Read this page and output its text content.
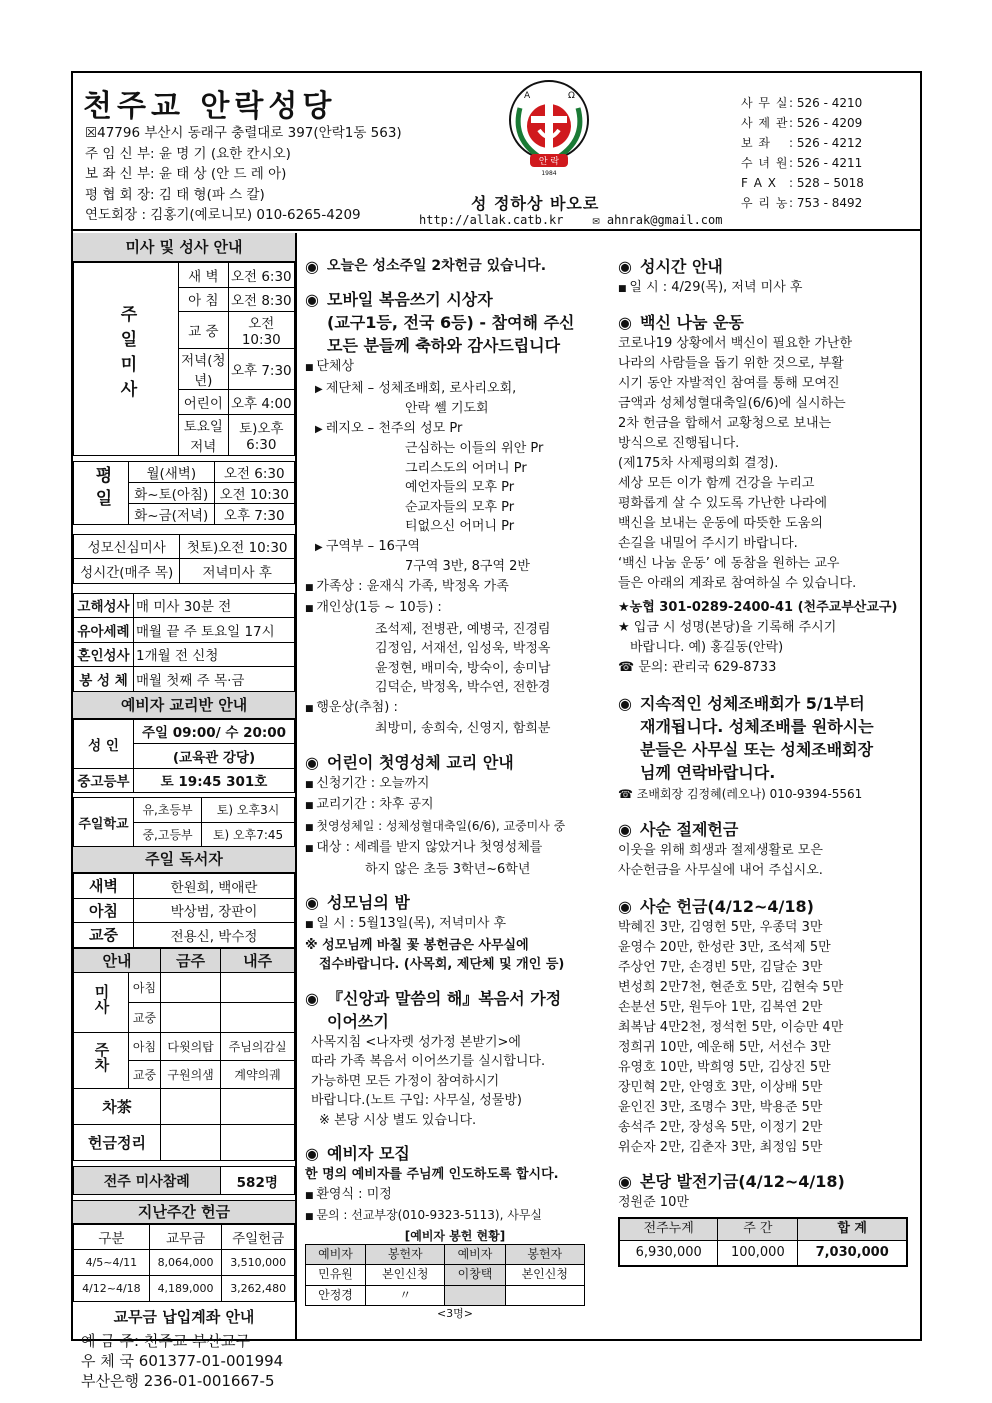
천주교 안락성당
☒47796 부산시 동래구 충렬대로 397(안락1동 563)
주 임 신 부: 윤 명 기 (요한 칸시오)
보 좌 신 부: 윤 태 상 (안 드 레 아)
평 협 회 장: 김 태 형(파 스 칼)
연도회장 : 김홍기(예로니모) 010-6265-4209
A	Ω
안 락
1984
성 정하상 바오로
http://allak.catb.kr ✉ ahnrak@gmail.com
사 무 실 : 526 - 4210
사 제 관 : 526 - 4209
보 좌	: 526 - 4212
수 녀 원 : 526 - 4211
F A X	: 528 – 5018
우 리 농 : 753 - 8492
미사 및 성사 안내
주일미사	새 벽	오전 6:30
	아 침	오전 8:30
	교 중	오전 10:30
	저녁(청년)	오후 7:30
	어린이	오후 4:00
	토요일저녁	토)오후 6:30
평일	월(새벽)	오전 6:30
	화~토(아침)	오전 10:30
	화~금(저녁)	오후 7:30
성모신심미사	첫토)오전 10:30
성시간(매주 목)	저녁미사 후
고해성사	매 미사 30분 전
유아세례	매월 끝 주 토요일 17시
혼인성사	1개월 전 신청
봉 성 체	매월 첫째 주 목·금
예비자 교리반 안내
성 인	주일 09:00/ 수 20:00
	(교육관 강당)
중고등부	토 19:45 301호
주일학교	유,초등부	토) 오후3시
	중,고등부	토) 오후7:45
주일 독서자
새벽	한원희, 백애란
아침	박상범, 장판이
교중	전용신, 박수정
안내		금주	내주
미사	아침		
	교중		
주차	아침	다윗의탑	주님의감실
	교중	구원의샘	계약의궤
차茶			
헌금정리			
전주 미사참례	582명
지난주간 헌금
구분	교무금	주일헌금
4/5~4/11	8,064,000	3,510,000
4/12~4/18	4,189,000	3,262,480
교무금 납입계좌 안내
예 금 주: 천주교 부산교구
우 체 국 601377-01-001994
부산은행 236-01-001667-5
◉ 오늘은 성소주일 2차헌금 있습니다.
◉ 모바일 복음쓰기 시상자
(교구1등, 전국 6등) - 참여해 주신
모든 분들께 축하와 감사드립니다
■ 단체상
▶ 제단체 – 성체조배회, 로사리오회,
안락 쎌 기도회
▶ 레지오 – 천주의 성모 Pr
근심하는 이들의 위안 Pr
그리스도의 어머니 Pr
예언자들의 모후 Pr
순교자들의 모후 Pr
티없으신 어머니 Pr
▶ 구역부 – 16구역
7구역 3반, 8구역 2반
■ 가족상 : 윤재식 가족, 박정옥 가족
■ 개인상(1등 ~ 10등) :
조석제, 전병관, 예병국, 진경림
김정임, 서재선, 임성욱, 박정옥
윤정현, 배미숙, 방숙이, 송미남
김덕순, 박정옥, 박수연, 전한경
■ 행운상(추첨) :
최방미, 송희숙, 신영지, 함희분
◉ 어린이 첫영성체 교리 안내
■ 신청기간 : 오늘까지
■ 교리기간 : 차후 공지
■ 첫영성체일 : 성체성혈대축일(6/6), 교중미사 중
■ 대상 : 세례를 받지 않았거나 첫영성체를
하지 않은 초등 3학년~6학년
◉ 성모님의 밤
■ 일 시 : 5월13일(목), 저녁미사 후
※ 성모님께 바칠 꽃 봉헌금은 사무실에
접수바랍니다. (사목회, 제단체 및 개인 등)
◉ 『신앙과 말씀의 해』복음서 가정
이어쓰기
사목지침 <나자렛 성가정 본받기>에
따라 가족 복음서 이어쓰기를 실시합니다.
가능하면 모든 가정이 참여하시기
바랍니다.(노트 구입: 사무실, 성물방)
※ 본당 시상 별도 있습니다.
◉ 예비자 모집
한 명의 예비자를 주님께 인도하도록 합시다.
■ 환영식 : 미정
■ 문의 : 선교부장(010-9323-5113), 사무실
[예비자 봉헌 현황]
예비자	봉헌자	예비자	봉헌자
민유원	본인신청	이창택	본인신청
안정경	〃		
<3명>
◉ 성시간 안내
■ 일 시 : 4/29(목), 저녁 미사 후
◉ 백신 나눔 운동
코로나19 상황에서 백신이 필요한 가난한
나라의 사람들을 돕기 위한 것으로, 부활
시기 동안 자발적인 참여를 통해 모여진
금액과 성체성혈대축일(6/6)에 실시하는
2차 헌금을 합해서 교황청으로 보내는
방식으로 진행됩니다.
(제175차 사제평의회 결정).
세상 모든 이가 함께 건강을 누리고
평화롭게 살 수 있도록 가난한 나라에
백신을 보내는 운동에 따뜻한 도움의
손길을 내밀어 주시기 바랍니다.
‘백신 나눔 운동’ 에 동참을 원하는 교우
들은 아래의 계좌로 참여하실 수 있습니다.
★농협 301-0289-2400-41 (천주교부산교구)
★ 입금 시 성명(본당)을 기록해 주시기
바랍니다. 예) 홍길동(안락)
☎ 문의: 관리국 629-8733
◉ 지속적인 성체조배회가 5/1부터
재개됩니다. 성체조배를 원하시는
분들은 사무실 또는 성체조배회장
님께 연락바랍니다.
☎ 조배회장 김정혜(레오나) 010-9394-5561
◉ 사순 절제헌금
이웃을 위해 희생과 절제생활로 모은
사순헌금을 사무실에 내어 주십시오.
◉ 사순 헌금(4/12~4/18)
박혜진 3만, 김영헌 5만, 우종덕 3만
윤영수 20만, 한성란 3만, 조석제 5만
주상언 7만, 손경빈 5만, 김달순 3만
변성희 2만7천, 현준호 5만, 김현숙 5만
손분선 5만, 원두아 1만, 김복연 2만
최복남 4만2천, 정석헌 5만, 이승만 4만
정희귀 10만, 예운해 5만, 서선수 3만
유영호 10만, 박희영 5만, 김상진 5만
장민혁 2만, 안영호 3만, 이상배 5만
윤인진 3만, 조명수 3만, 박용준 5만
송석주 2만, 장성옥 5만, 이정기 2만
위순자 2만, 김춘자 3만, 최정임 5만
◉ 본당 발전기금(4/12~4/18)
정원준 10만
전주누계	주 간	합 계
6,930,000	100,000	7,030,000
